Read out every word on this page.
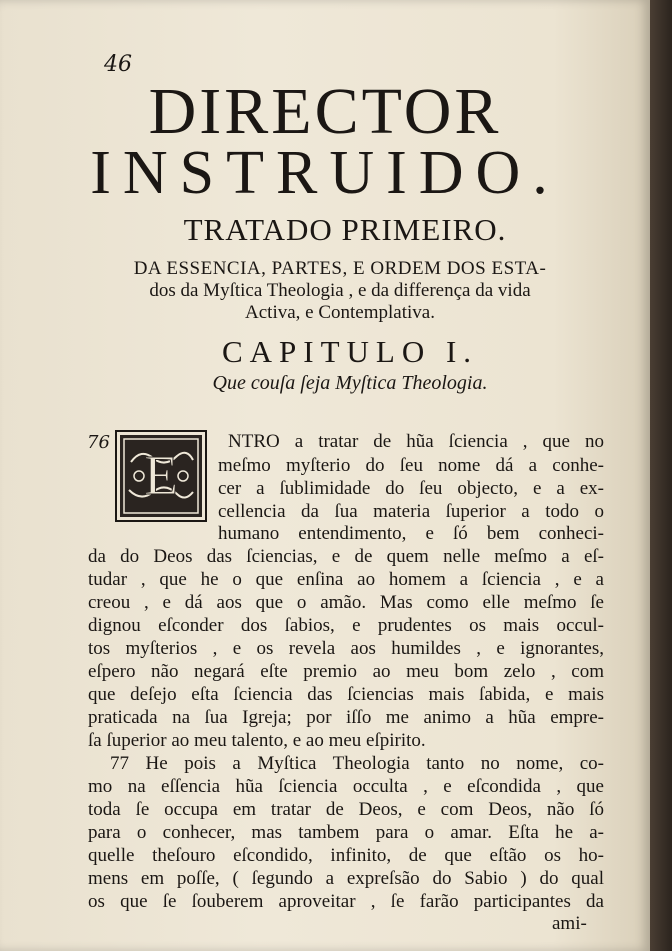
46
DIRECTOR
INSTRUIDO.
TRATADO PRIMEIRO.
DA ESSENCIA, PARTES, E ORDEM DOS ESTA-
dos da Myſtica Theologia , e da differença da vida
Activa, e Contemplativa.
CAPITULO I.
Que couſa ſeja Myſtica Theologia.
76
E
NTRO a tratar de hũa ſciencia , que no
meſmo myſterio do ſeu nome dá a conhe-
cer a ſublimidade do ſeu objecto, e a ex-
cellencia da ſua materia ſuperior a todo o
humano entendimento, e ſó bem conheci-
da do Deos das ſciencias, e de quem nelle meſmo a eſ-
tudar , que he o que enſina ao homem a ſciencia , e a
creou , e dá aos que o amão. Mas como elle meſmo ſe
dignou eſconder dos ſabios, e prudentes os mais occul-
tos myſterios , e os revela aos humildes , e ignorantes,
eſpero não negará eſte premio ao meu bom zelo , com
que deſejo eſta ſciencia das ſciencias mais ſabida, e mais
praticada na ſua Igreja; por iſſo me animo a hũa empre-
ſa ſuperior ao meu talento, e ao meu eſpirito.
77 He pois a Myſtica Theologia tanto no nome, co-
mo na eſſencia hũa ſciencia occulta , e eſcondida , que
toda ſe occupa em tratar de Deos, e com Deos, não ſó
para o conhecer, mas tambem para o amar. Eſta he a-
quelle theſouro eſcondido, infinito, de que eſtão os ho-
mens em poſſe, ( ſegundo a expreſsão do Sabio ) do qual
os que ſe ſouberem aproveitar , ſe farão participantes da
ami-
